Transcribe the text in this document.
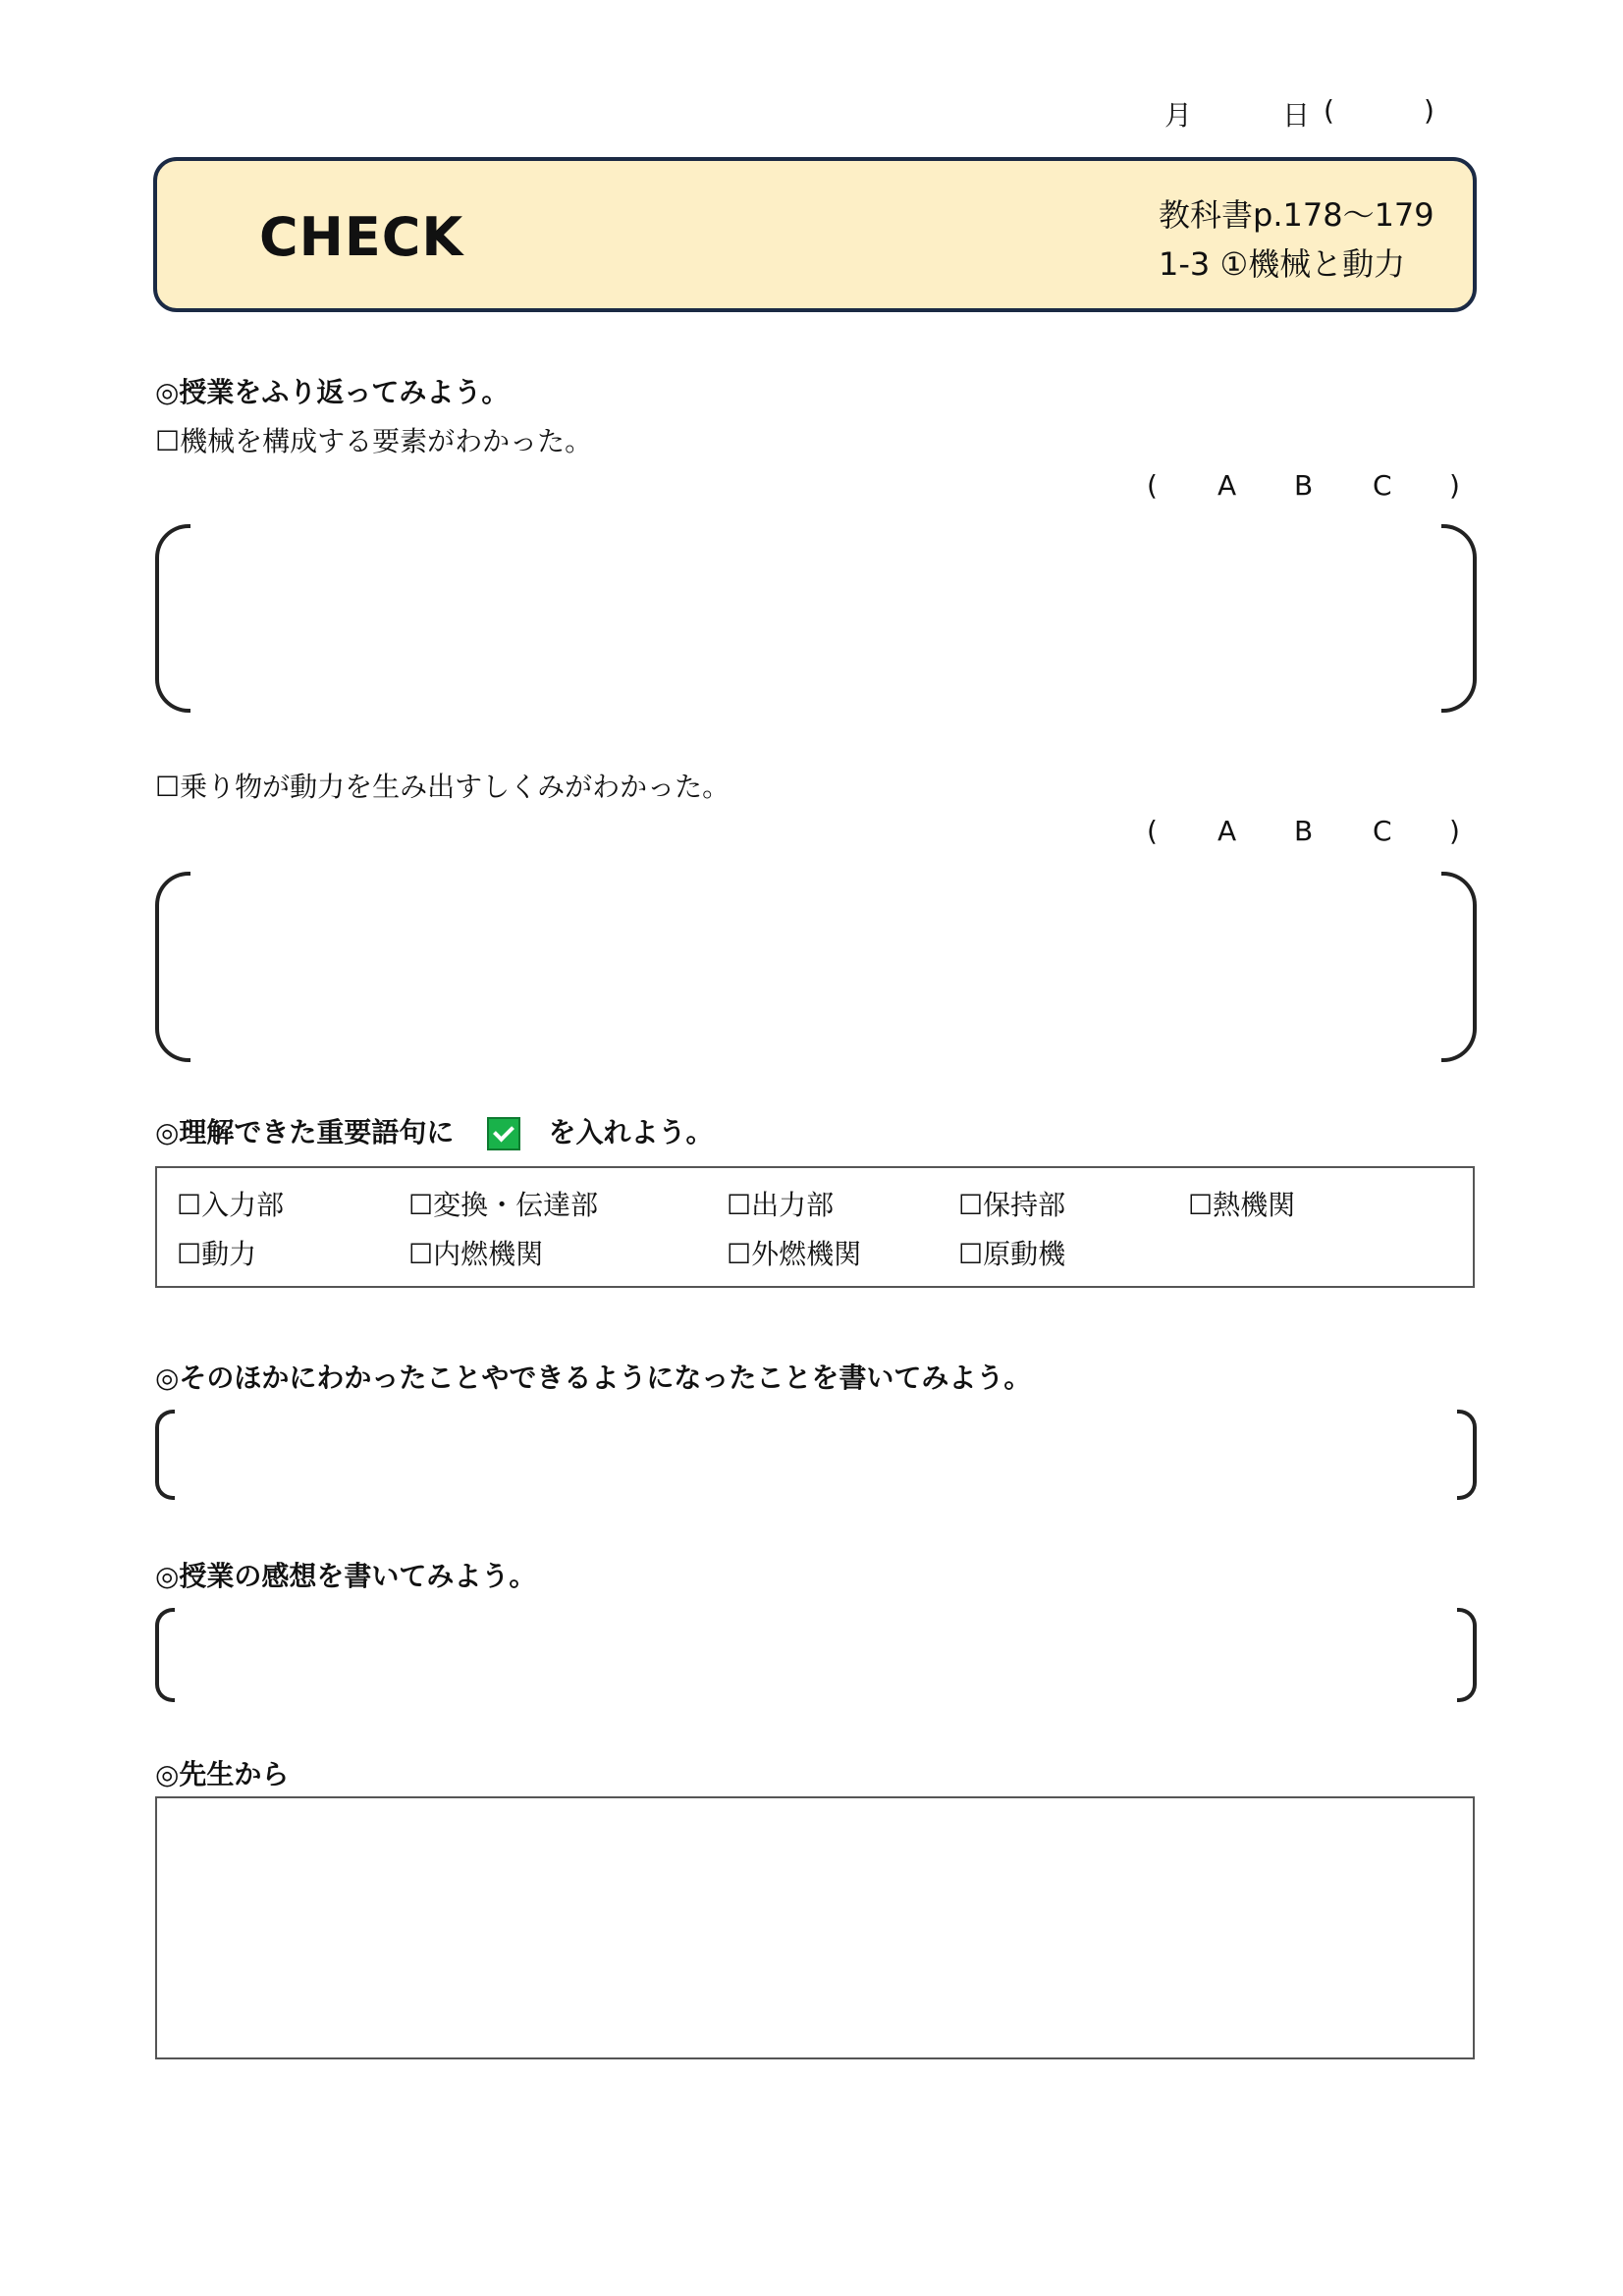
月	日 (	)
CHECK	教科書p.178〜179
1-3 ①機械と動力
◎授業をふり返ってみよう。
☐機械を構成する要素がわかった。
( A B C )
☐乗り物が動力を生み出すしくみがわかった。
( A B C )
◎理解できた重要語句に	を入れよう。
☐入力部	☐変換・伝達部	☐出力部	☐保持部	☐熱機関
☐動力	☐内燃機関	☐外燃機関	☐原動機
◎そのほかにわかったことやできるようになったことを書いてみよう。
◎授業の感想を書いてみよう。
◎先生から
